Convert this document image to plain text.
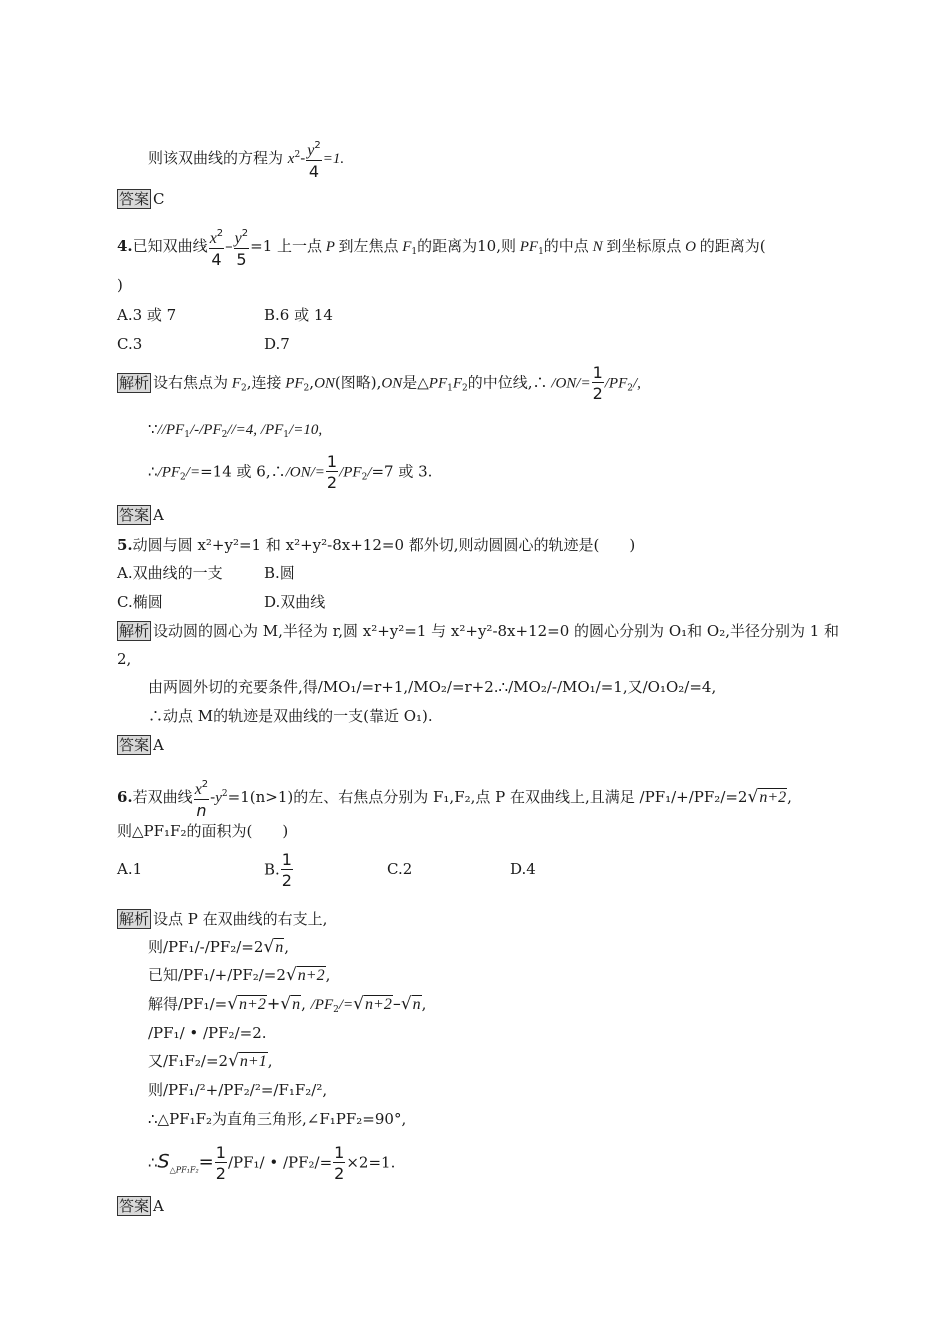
则该双曲线的方程为 $x^2- \frac{y^2}{4} =1$.
答案 C
4.已知双曲线 $\frac{x^2}{4} - \frac{y^2}{5} =1$ 上一点 P 到左焦点 $F_1$的距离为10,则 $PF_1$的中点 N 到坐标原点 O 的距离为(
)
A.3 或 7	B.6 或 14
C.3	D.7
解析 设右焦点为 $F_2$,连接 $PF_2,ON$(图略),ON是$\triangle PF_1F_2$的中位线,∴ $/ON/= \frac{1}{2} /PF_2/$,
$\because//PF_1/-/PF_2//=4$, $/PF_1/=10$,
$\therefore/PF_2/==14$ 或 6,∴/ON/= $\frac{1}{2} /PF_2/=7$ 或 3.
答案 A
5.动圆与圆 x²+y²=1 和 x²+y²-8x+12=0 都外切,则动圆圆心的轨迹是(　　)
A.双曲线的一支	B.圆
C.椭圆	D.双曲线
解析 设动圆的圆心为 M,半径为 r,圆 x²+y²=1 与 x²+y²-8x+12=0 的圆心分别为 O₁和 O₂,半径分别为 1 和
2,
由两圆外切的充要条件,得/MO₁/=r+1,/MO₂/=r+2.∴/MO₂/-/MO₁/=1,又/O₁O₂/=4,
∴动点 M的轨迹是双曲线的一支(靠近 O₁).
答案 A
6.若双曲线 $\frac{x^2}{n} -y^2=1(n>1)$的左、右焦点分别为 F₁,F₂,点 P 在双曲线上,且满足 /PF₁/+/PF₂/=2√n+2,
则△PF₁F₂的面积为(　　)
A.1	B. $\frac{1}{2}$	C.2	D.4
解析 设点 P 在双曲线的右支上,
则/PF₁/-/PF₂/=2√n,
已知/PF₁/+/PF₂/=2√n+2,
解得/PF₁/=√n+2+√n, $/PF_2/=√n+2-√n$,
/PF₁/ • /PF₂/=2.
又/F₁F₂/=2√n+1,
则/PF₁/²+/PF₂/²=/F₁F₂/²,
∴△PF₁F₂为直角三角形,∠F₁PF₂=90°,
$\therefore S_{\triangle PF_1F_2}= \frac{1}{2} /PF_1/$ • $/PF_2/= \frac{1}{2} \times 2=1$.
答案 A
